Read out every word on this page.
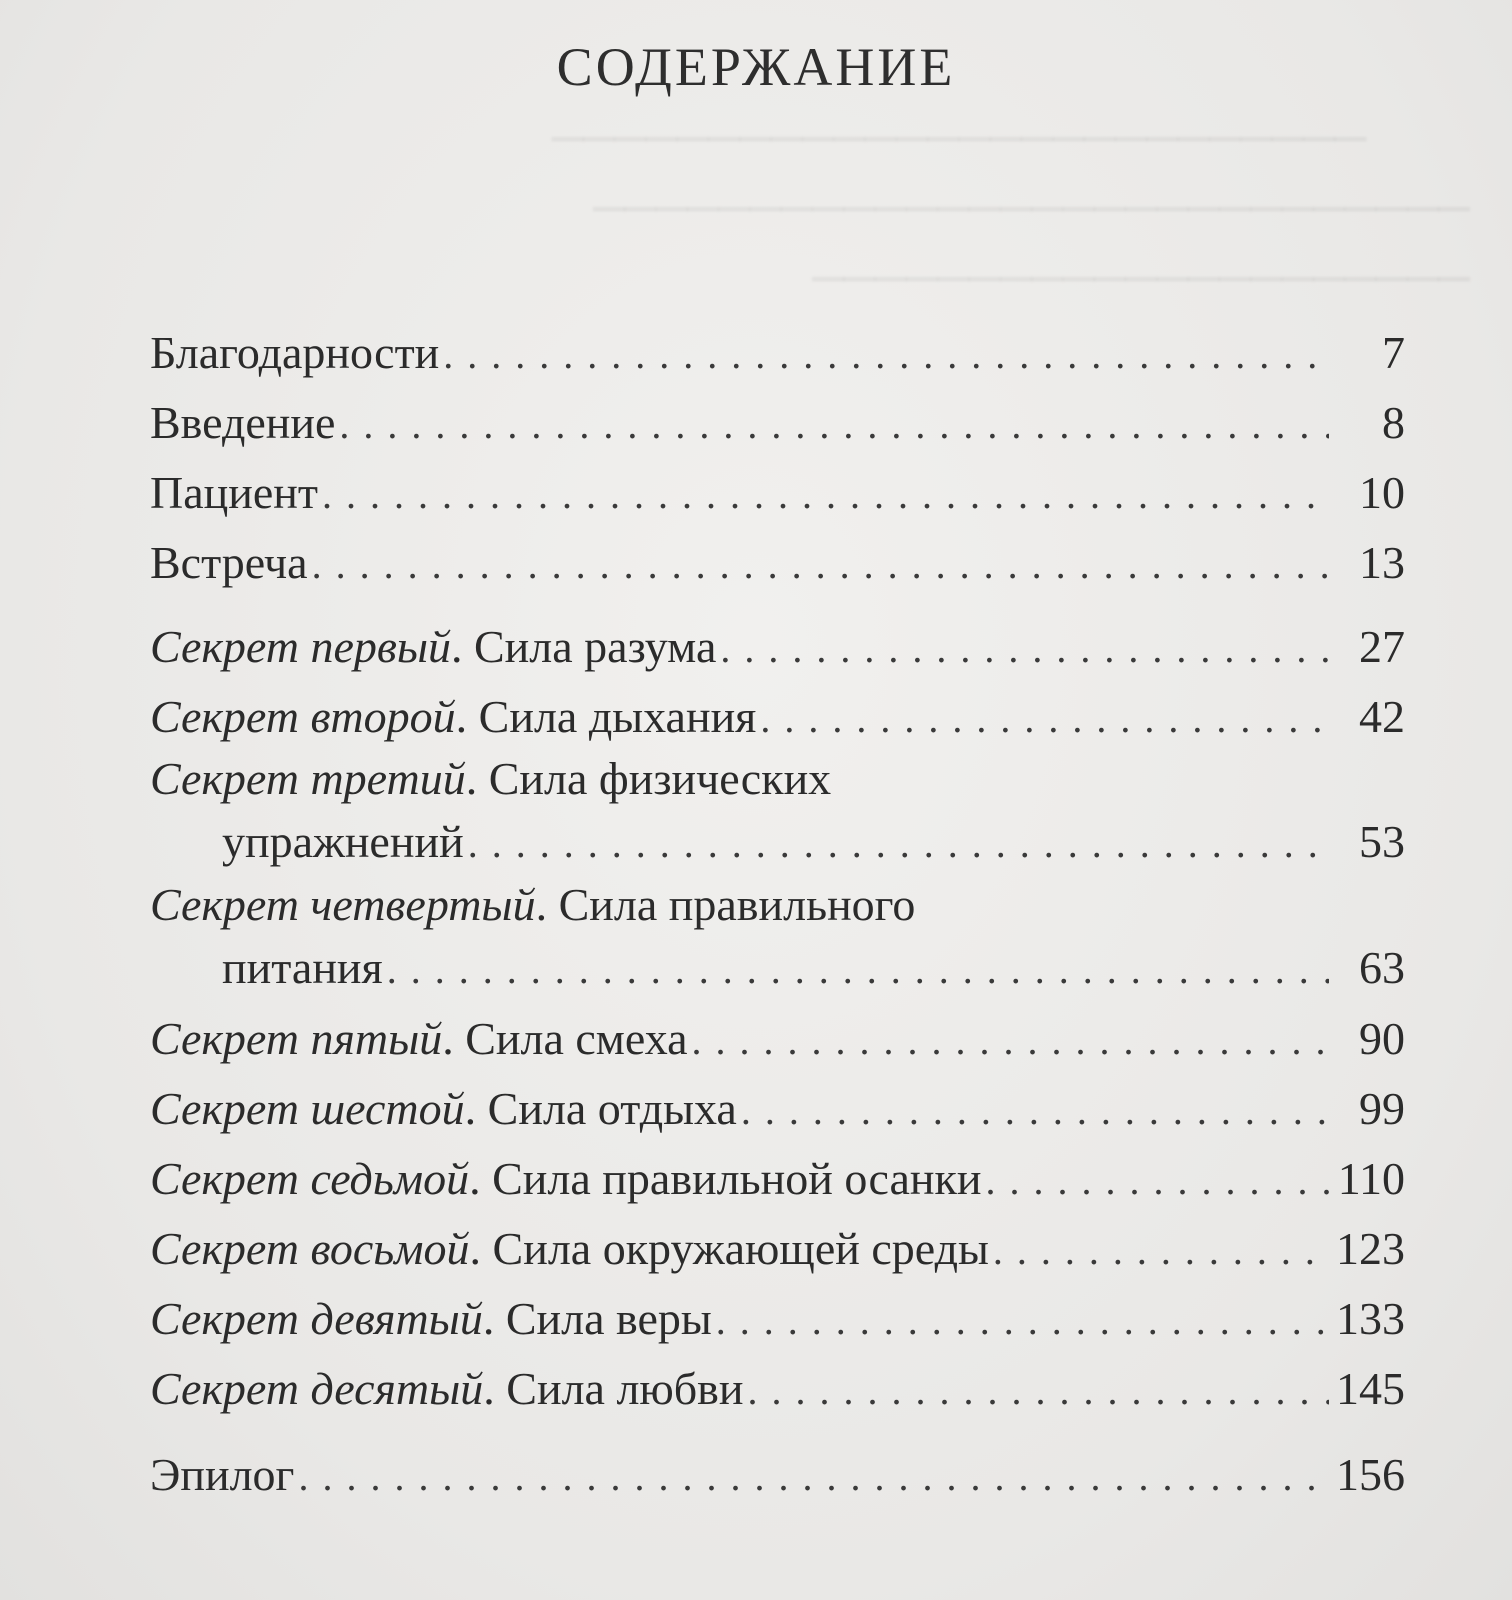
  ──────────────────────────
────────────────────────────
─────────────────────
СОДЕРЖАНИЕ
Благодарности . . .	7
Введение . . .	8
Пациент . . .	10
Встреча . . .	13
Секрет первый . Сила разума . . .	27
Секрет второй . Сила дыхания . . .	42
Секрет третий . Сила физических
упражнений . . .	53
Секрет четвертый . Сила правильного
питания . . .	63
Секрет пятый . Сила смеха . . .	90
Секрет шестой . Сила отдыха . . .	99
Секрет седьмой . Сила правильной осанки . . .	110
Секрет восьмой . Сила окружающей среды . . .	123
Секрет девятый . Сила веры . . .	133
Секрет десятый . Сила любви . . .	145
Эпилог . . .	156
